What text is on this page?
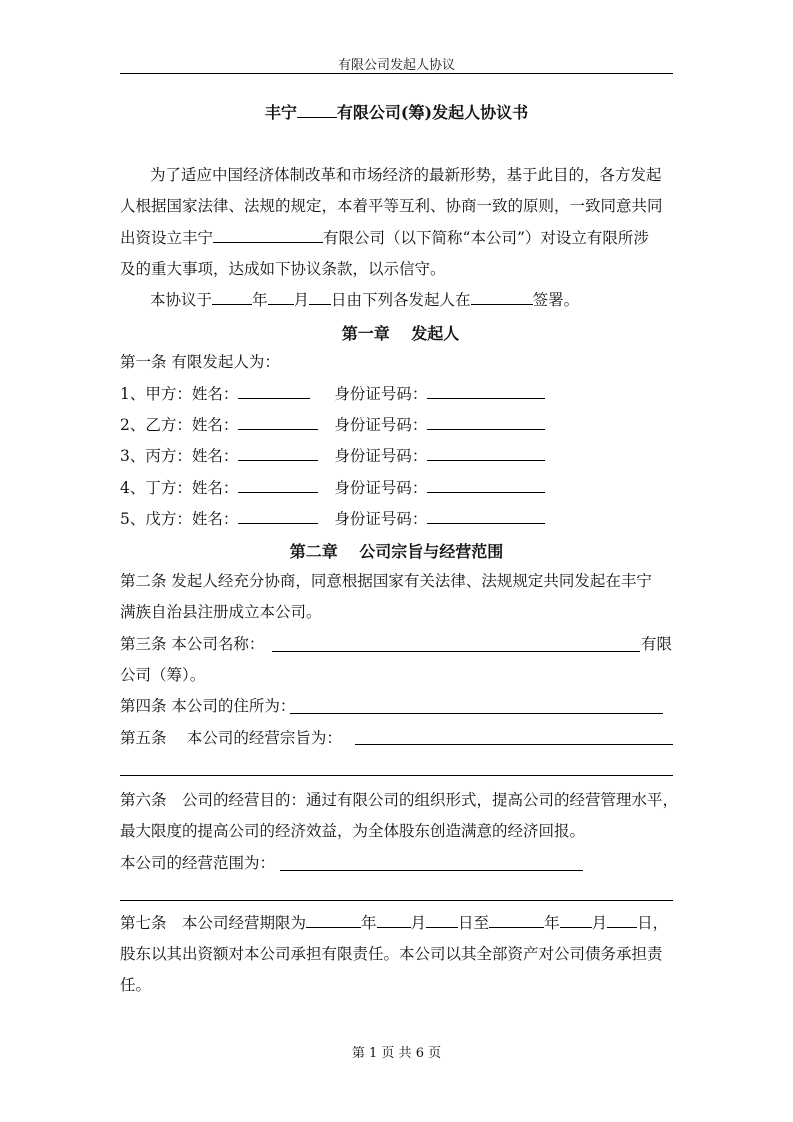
有限公司发起人协议
丰宁	有限公司(筹)发起人协议书
为了适应中国经济体制改革和市场经济的最新形势，基于此目的，各方发起
人根据国家法律、法规的规定，本着平等互利、协商一致的原则，一致同意共同
出资设立丰宁	有限公司（以下简称“本公司”）对设立有限所涉
及的重大事项，达成如下协议条款，以示信守。
本协议于	年 月 日由下列各发起人在	签署。
第一章　 发起人
第一条 有限发起人为：
1、甲方：姓名：	身份证号码：
2、乙方：姓名：	身份证号码：
3、丙方：姓名：	身份证号码：
4、丁方：姓名：	身份证号码：
5、戊方：姓名：	身份证号码：
第二章　 公司宗旨与经营范围
第二条 发起人经充分协商，同意根据国家有关法律、法规规定共同发起在丰宁
满族自治县注册成立本公司。
第三条 本公司名称：	有限
公司（筹）。
第四条 本公司的住所为：
第五条　 本公司的经营宗旨为：
第六条　公司的经营目的：通过有限公司的组织形式，提高公司的经营管理水平，
最大限度的提高公司的经济效益，为全体股东创造满意的经济回报。
本公司的经营范围为：
第七条　本公司经营期限为	年 月 日至	年 月 日，
股东以其出资额对本公司承担有限责任。本公司以其全部资产对公司债务承担责
任。
第 1 页 共 6 页
